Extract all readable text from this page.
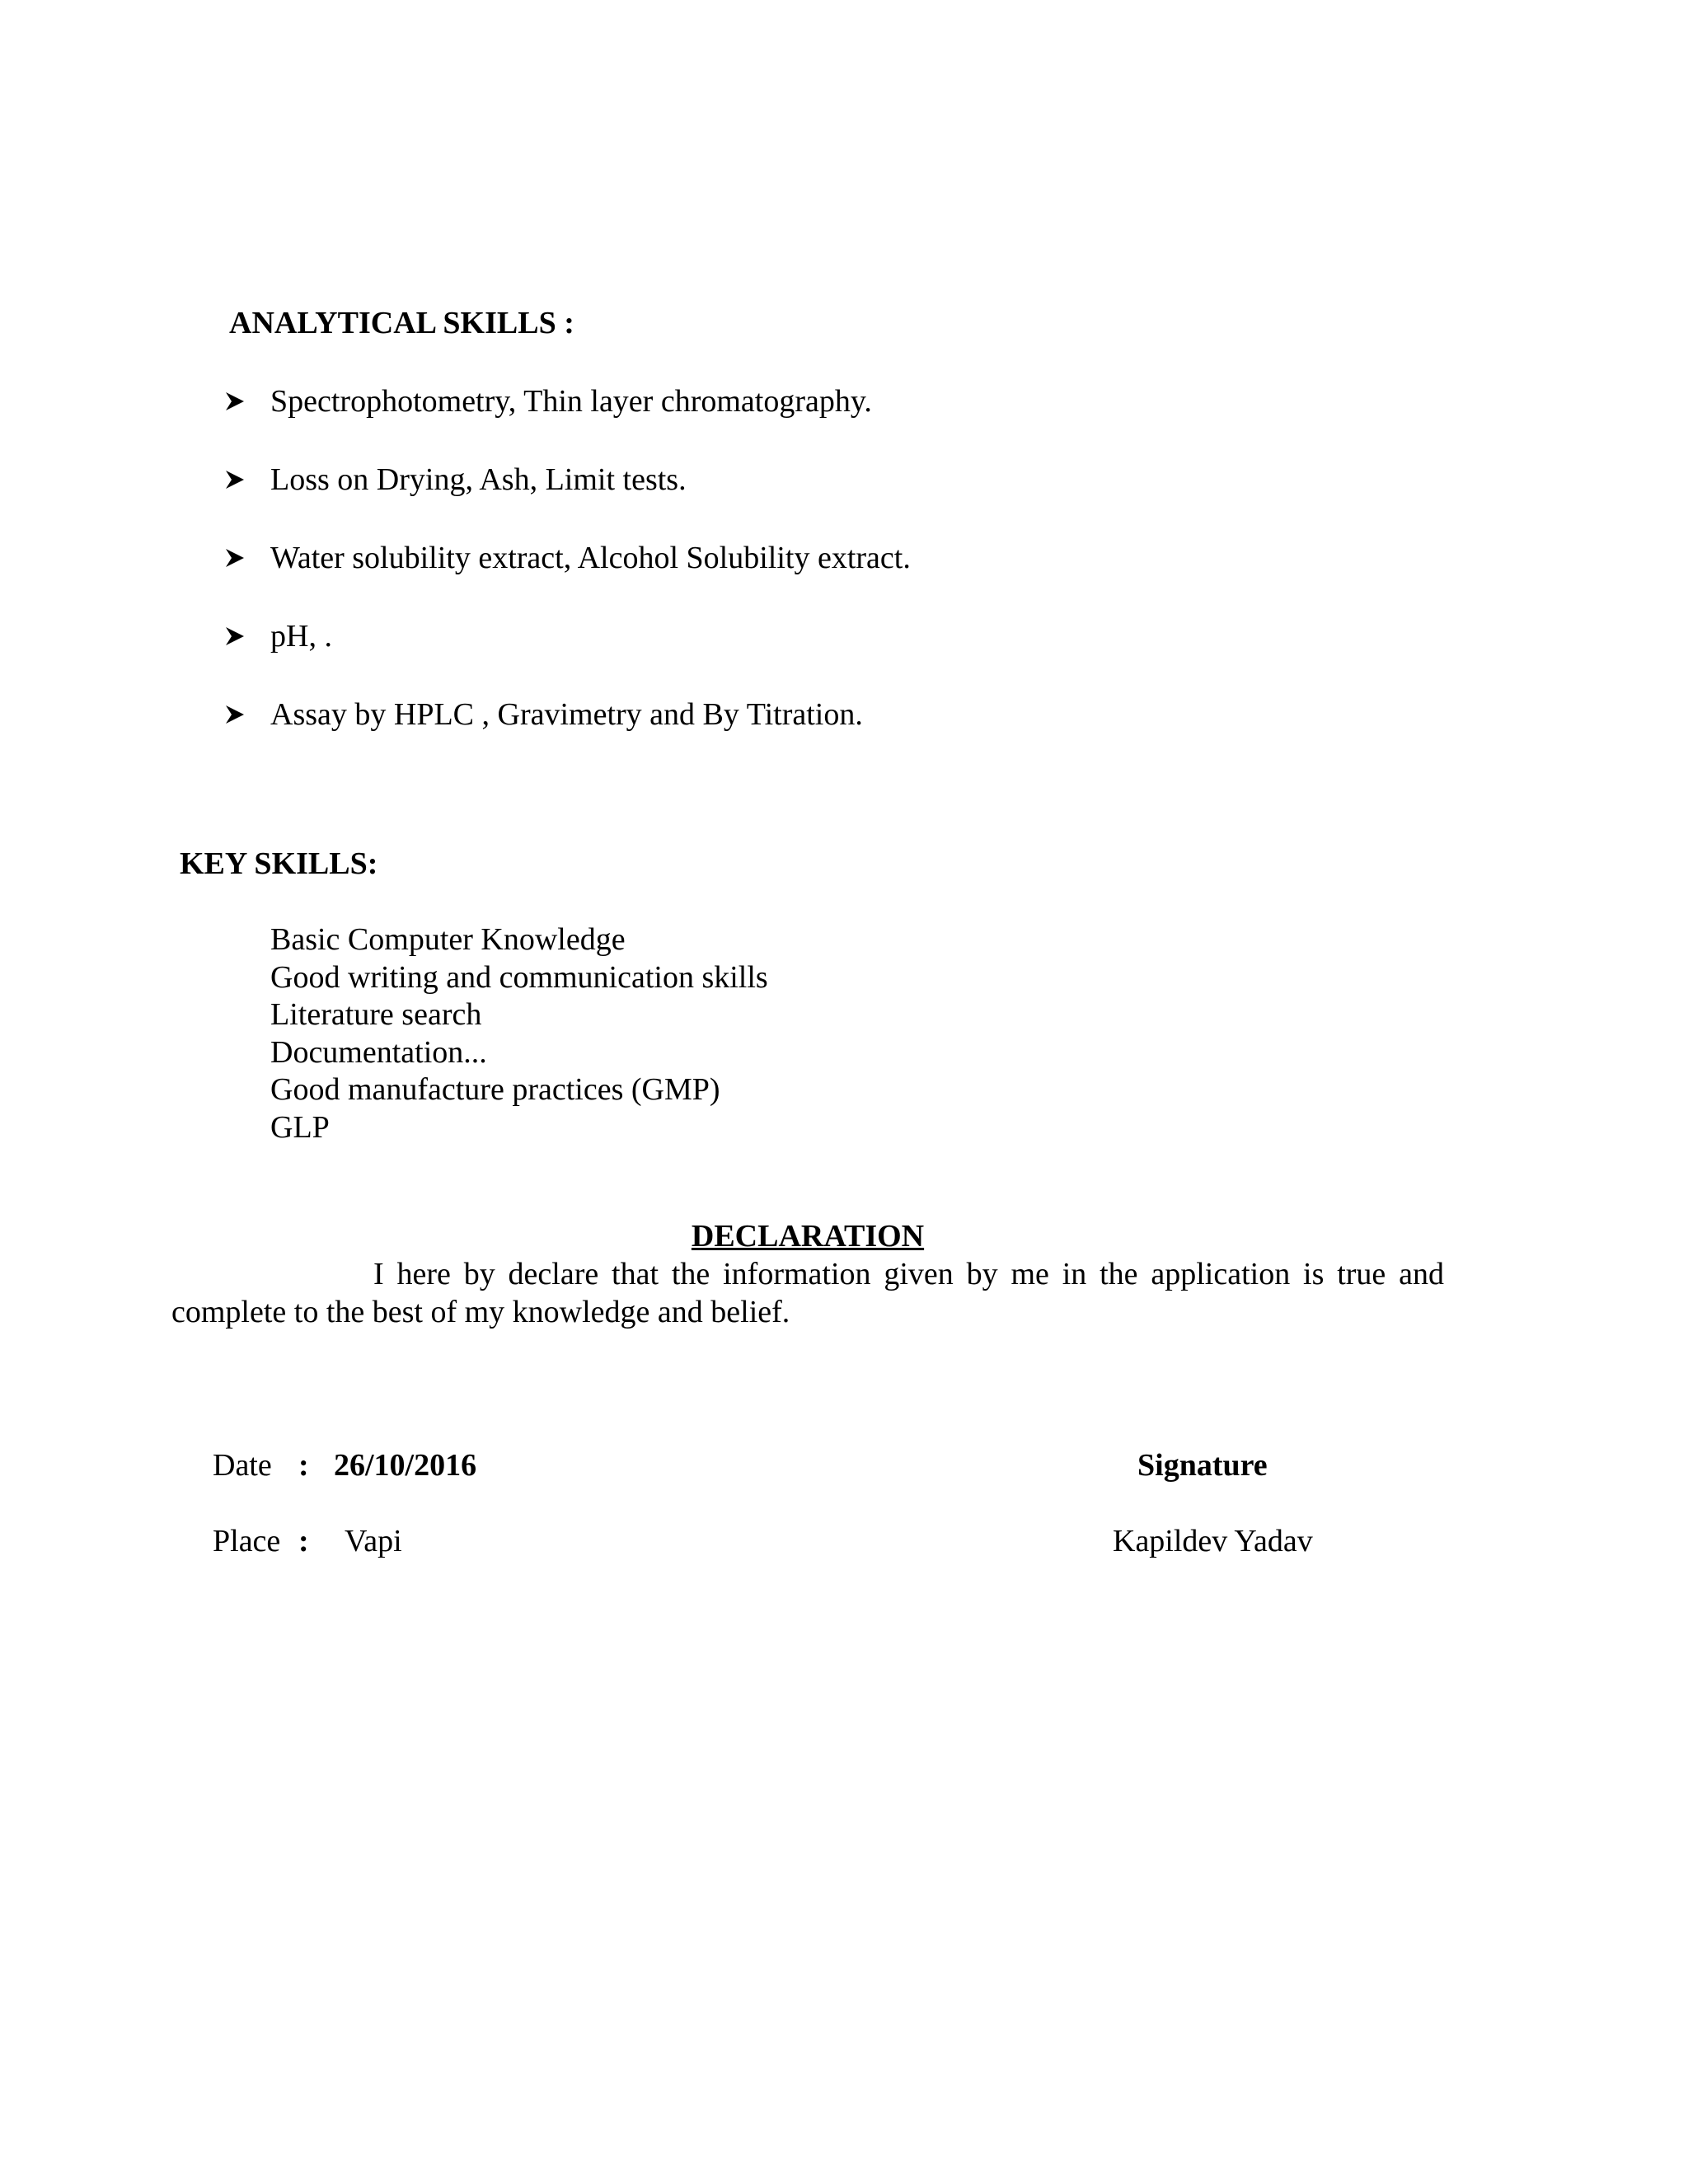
ANALYTICAL SKILLS :
Spectrophotometry, Thin layer chromatography.
Loss on Drying, Ash, Limit tests.
Water solubility extract, Alcohol Solubility extract.
pH, .
Assay by HPLC , Gravimetry and By Titration.
KEY SKILLS:
Basic Computer Knowledge
Good writing and communication skills
Literature search
Documentation...
Good manufacture practices (GMP)
GLP
DECLARATION
I here by declare that the information given by me in the application is true and complete to the best of my knowledge and belief.
Date : 26/10/2016
Place : Vapi
Signature
Kapildev Yadav
